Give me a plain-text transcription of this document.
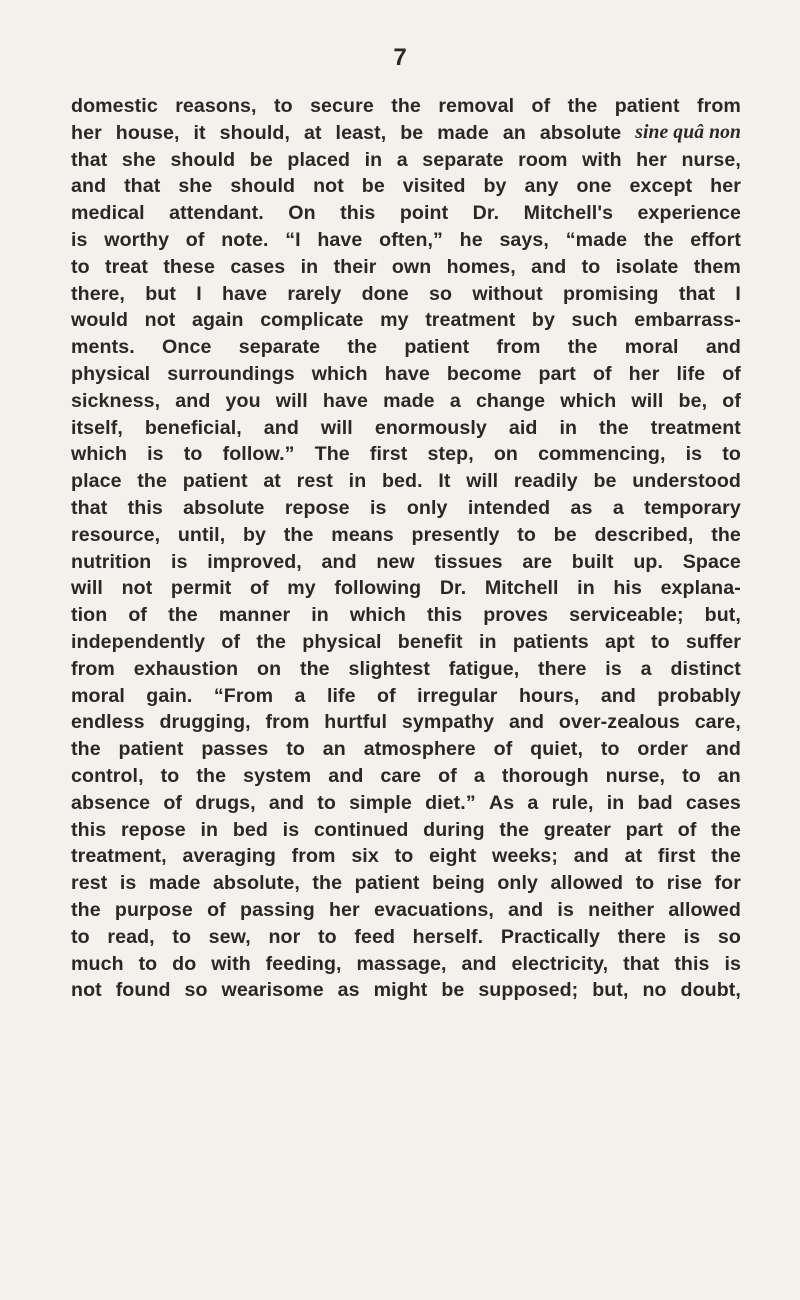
7
domestic reasons, to secure the removal of the patient from
her house, it should, at least, be made an absolute sine quâ non
that she should be placed in a separate room with her nurse,
and that she should not be visited by any one except her
medical attendant. On this point Dr. Mitchell's experience
is worthy of note. “I have often,” he says, “made the effort
to treat these cases in their own homes, and to isolate them
there, but I have rarely done so without promising that I
would not again complicate my treatment by such embarrass-
ments. Once separate the patient from the moral and
physical surroundings which have become part of her life of
sickness, and you will have made a change which will be, of
itself, beneficial, and will enormously aid in the treatment
which is to follow.” The first step, on commencing, is to
place the patient at rest in bed. It will readily be understood
that this absolute repose is only intended as a temporary
resource, until, by the means presently to be described, the
nutrition is improved, and new tissues are built up. Space
will not permit of my following Dr. Mitchell in his explana-
tion of the manner in which this proves serviceable; but,
independently of the physical benefit in patients apt to suffer
from exhaustion on the slightest fatigue, there is a distinct
moral gain. “From a life of irregular hours, and probably
endless drugging, from hurtful sympathy and over-zealous care,
the patient passes to an atmosphere of quiet, to order and
control, to the system and care of a thorough nurse, to an
absence of drugs, and to simple diet.” As a rule, in bad cases
this repose in bed is continued during the greater part of the
treatment, averaging from six to eight weeks; and at first the
rest is made absolute, the patient being only allowed to rise for
the purpose of passing her evacuations, and is neither allowed
to read, to sew, nor to feed herself. Practically there is so
much to do with feeding, massage, and electricity, that this is
not found so wearisome as might be supposed; but, no doubt,
